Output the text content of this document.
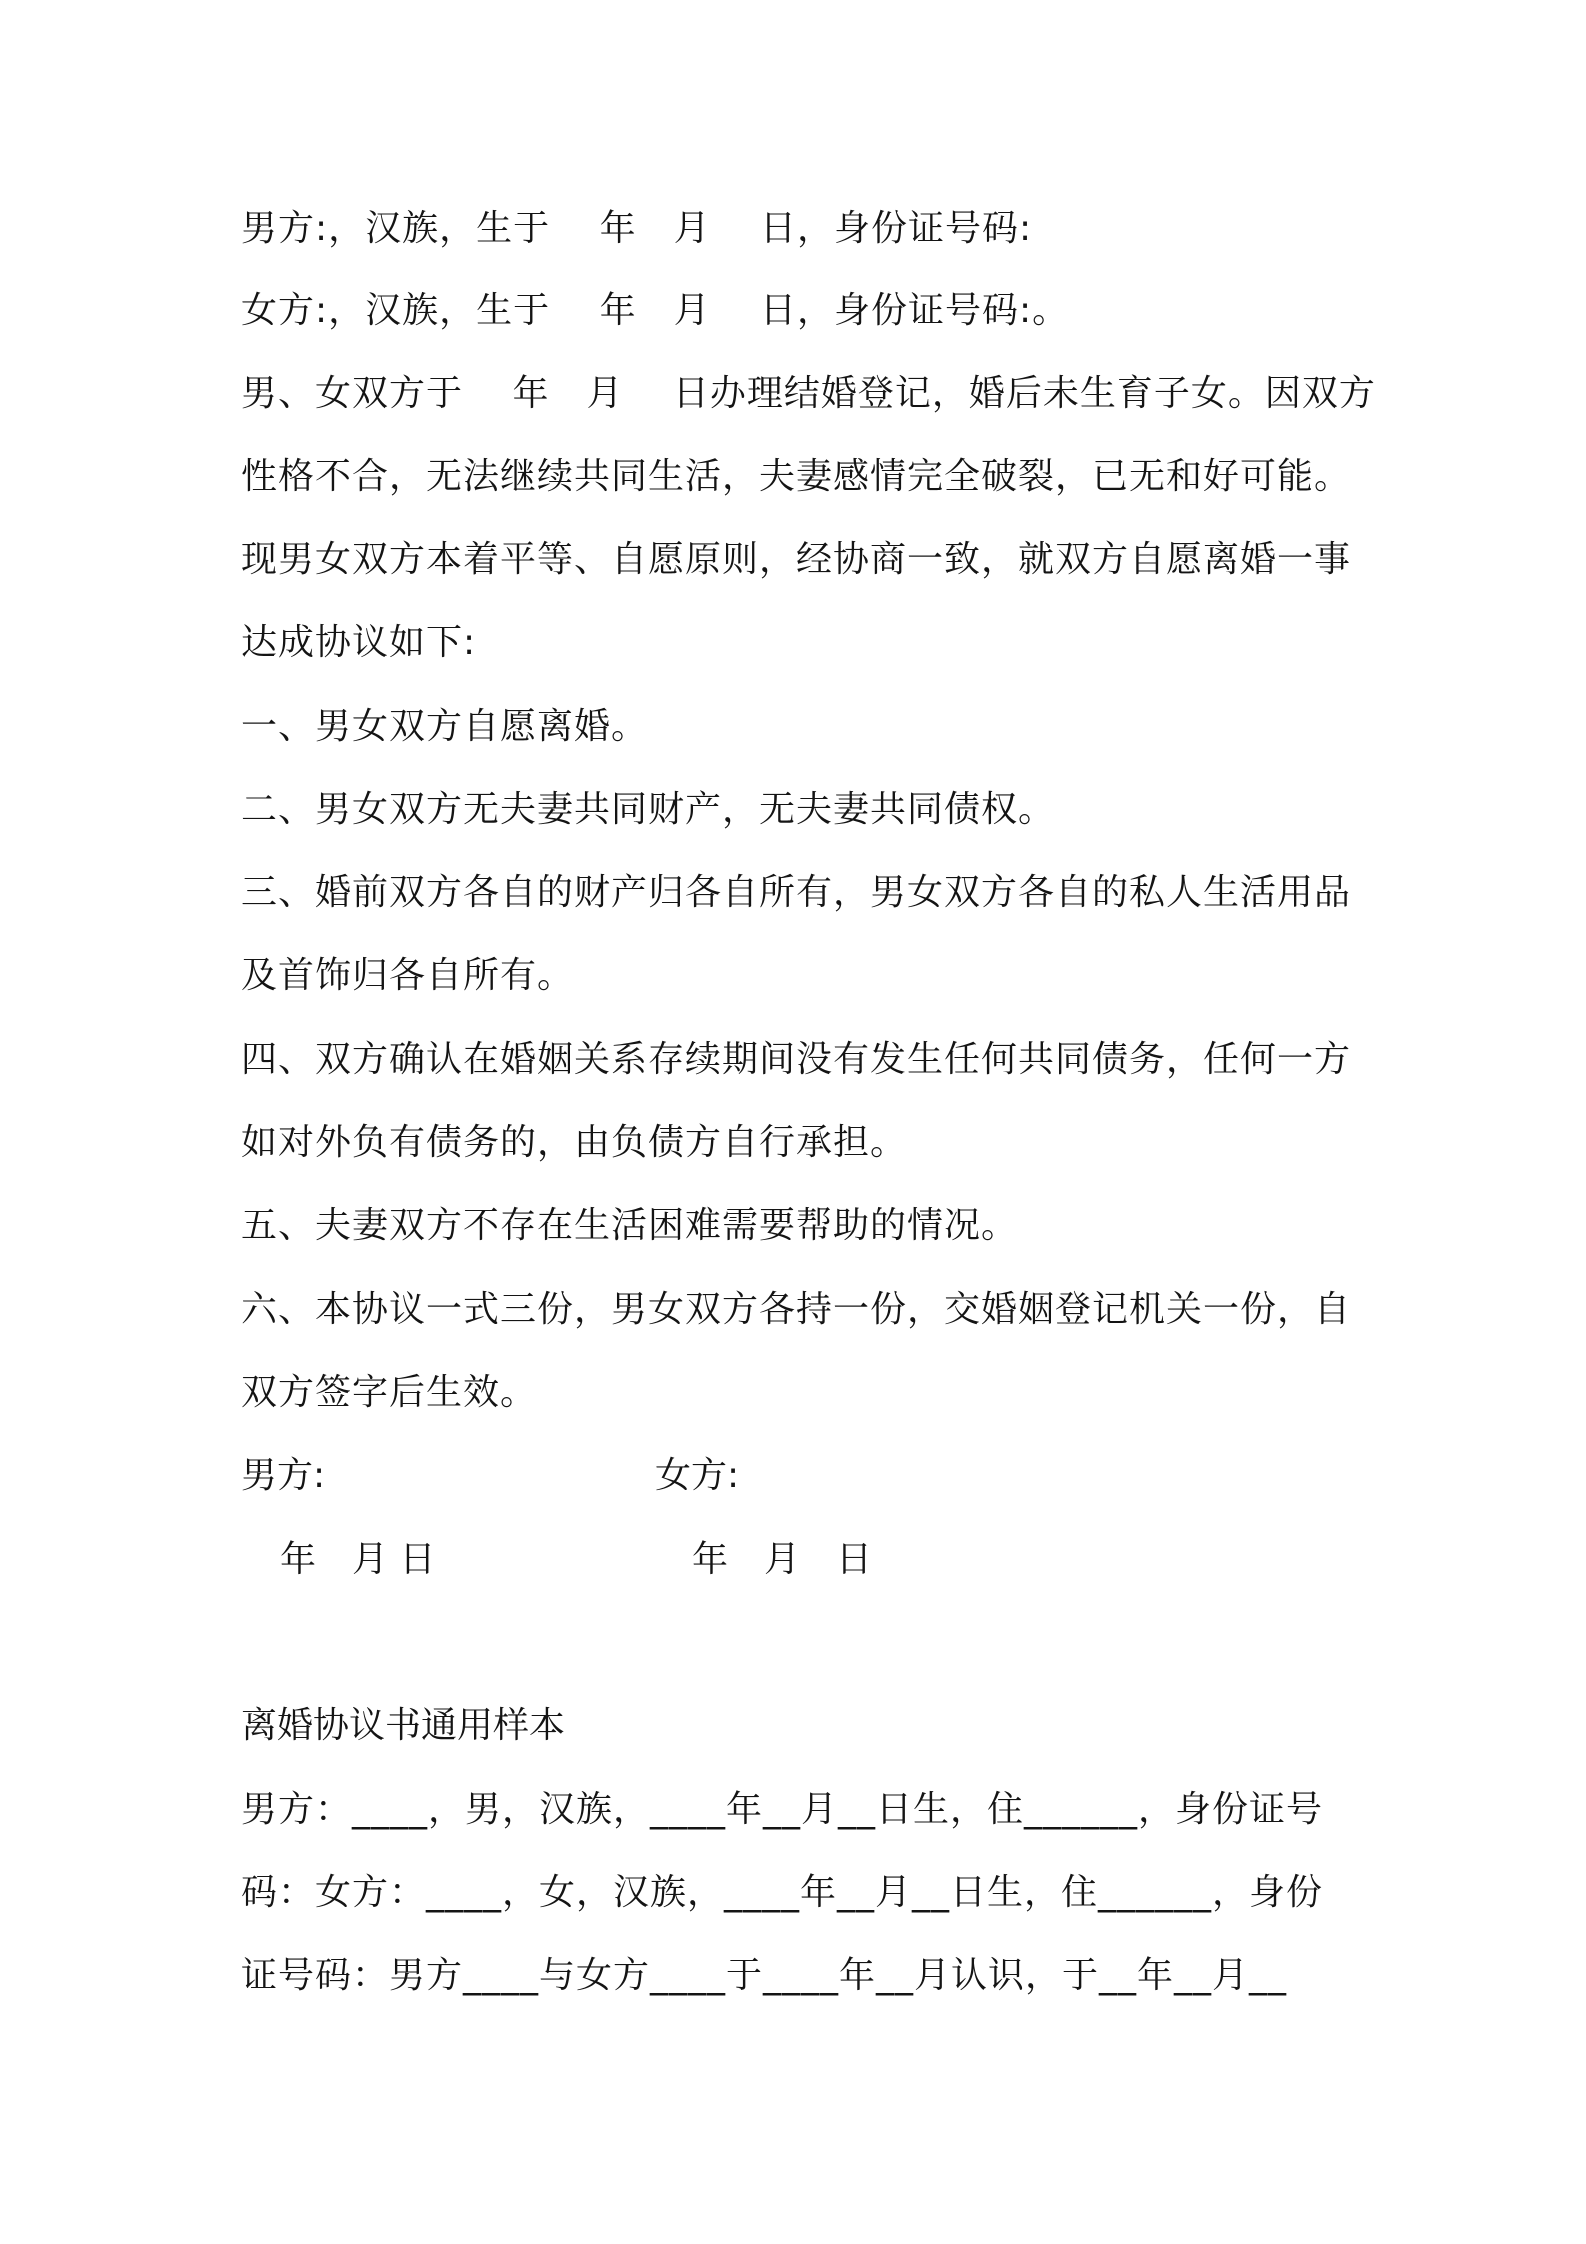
男方:，汉族，生于　 年　月　 日，身份证号码:
女方:，汉族，生于　 年　月　 日，身份证号码:。
男、女双方于　 年　月　 日办理结婚登记，婚后未生育子女。因双方
性格不合，无法继续共同生活，夫妻感情完全破裂，已无和好可能。
现男女双方本着平等、自愿原则，经协商一致，就双方自愿离婚一事
达成协议如下:
一、男女双方自愿离婚。
二、男女双方无夫妻共同财产，无夫妻共同债权。
三、婚前双方各自的财产归各自所有，男女双方各自的私人生活用品
及首饰归各自所有。
四、双方确认在婚姻关系存续期间没有发生任何共同债务，任何一方
如对外负有债务的，由负债方自行承担。
五、夫妻双方不存在生活困难需要帮助的情况。
六、本协议一式三份，男女双方各持一份，交婚姻登记机关一份，自
双方签字后生效。
男方:	女方:
年　月 日	年　月　日
离婚协议书通用样本
男方：____，男，汉族，____年__月__日生，住______，身份证号
码：女方：____，女，汉族，____年__月__日生，住______，身份
证号码：男方____与女方____于____年__月认识，于__年__月__
